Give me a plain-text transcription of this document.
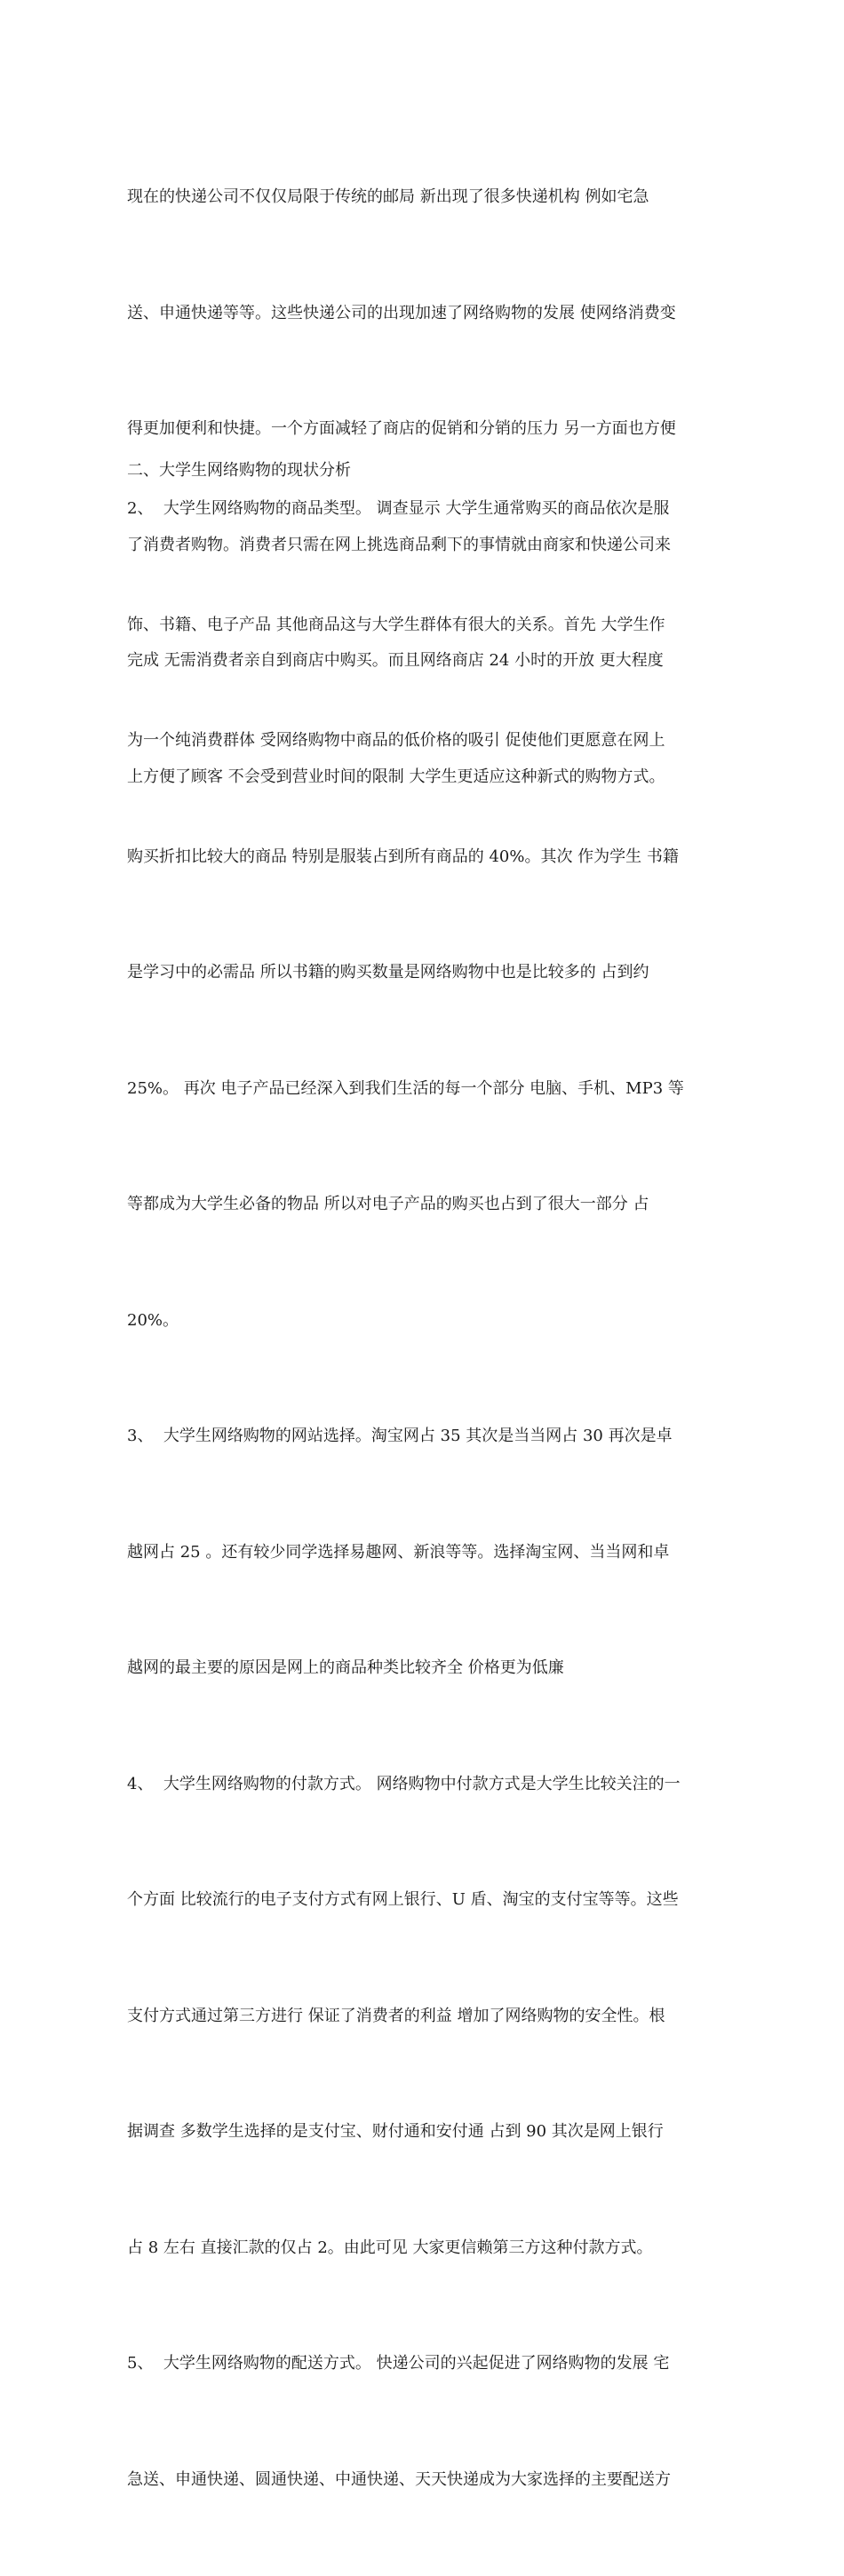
现在的快递公司不仅仅局限于传统的邮局 新出现了很多快递机构 例如宅急

送、申通快递等等。这些快递公司的出现加速了网络购物的发展 使网络消费变

得更加便利和快捷。一个方面减轻了商店的促销和分销的压力 另一方面也方便

了消费者购物。消费者只需在网上挑选商品剩下的事情就由商家和快递公司来

完成 无需消费者亲自到商店中购买。而且网络商店 24 小时的开放 更大程度

上方便了顾客 不会受到营业时间的限制 大学生更适应这种新式的购物方式。

二、大学生网络购物的现状分析

2、  大学生网络购物的商品类型。 调查显示 大学生通常购买的商品依次是服

饰、书籍、电子产品 其他商品这与大学生群体有很大的关系。首先 大学生作

为一个纯消费群体 受网络购物中商品的低价格的吸引 促使他们更愿意在网上

购买折扣比较大的商品 特别是服装占到所有商品的 40%。其次 作为学生 书籍

是学习中的必需品 所以书籍的购买数量是网络购物中也是比较多的 占到约

25%。 再次 电子产品已经深入到我们生活的每一个部分 电脑、手机、MP3 等

等都成为大学生必备的物品 所以对电子产品的购买也占到了很大一部分 占

20%。

3、  大学生网络购物的网站选择。淘宝网占 35 其次是当当网占 30 再次是卓

越网占 25 。还有较少同学选择易趣网、新浪等等。选择淘宝网、当当网和卓

越网的最主要的原因是网上的商品种类比较齐全 价格更为低廉

4、  大学生网络购物的付款方式。 网络购物中付款方式是大学生比较关注的一

个方面 比较流行的电子支付方式有网上银行、U 盾、淘宝的支付宝等等。这些

支付方式通过第三方进行 保证了消费者的利益 增加了网络购物的安全性。根

据调查 多数学生选择的是支付宝、财付通和安付通 占到 90 其次是网上银行

占 8 左右 直接汇款的仅占 2。由此可见 大家更信赖第三方这种付款方式。

5、  大学生网络购物的配送方式。 快递公司的兴起促进了网络购物的发展 宅

急送、申通快递、圆通快递、中通快递、天天快递成为大家选择的主要配送方
